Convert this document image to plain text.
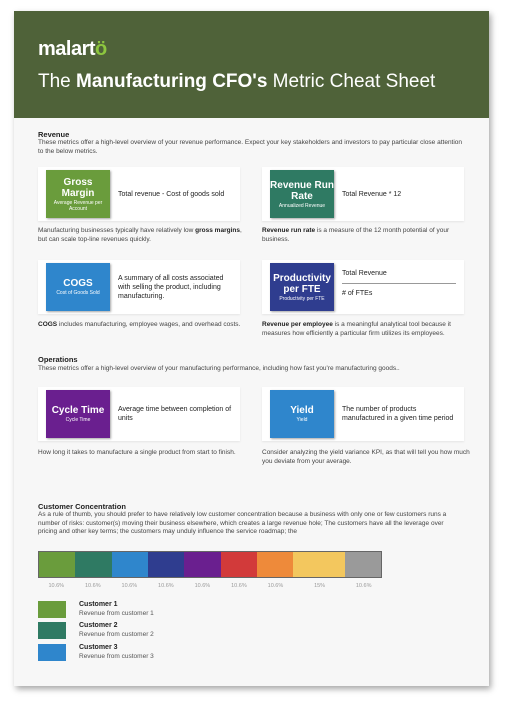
malartö
The Manufacturing CFO's Metric Cheat Sheet
Revenue
These metrics offer a high-level overview of your revenue performance. Expect your key stakeholders and investors to pay particular close attention to the below metrics.
Gross Margin
Average Revenue per Account
Total revenue - Cost of goods sold
Manufacturing businesses typically have relatively low gross margins, but can scale top-line revenues quickly.
Revenue Run Rate
Annualized Revenue
Total Revenue * 12
Revenue run rate is a measure of the 12 month potential of your business.
COGS
Cost of Goods Sold
A summary of all costs associated with selling the product, including manufacturing.
COGS includes manufacturing, employee wages, and overhead costs.
Productivity per FTE
Productivity per FTE
Total Revenue
# of FTEs
Revenue per employee is a meaningful analytical tool because it measures how efficiently a particular firm utilizes its employees.
Operations
These metrics offer a high-level overview of your manufacturing performance, including how fast you're manufacturing goods..
Cycle Time
Cycle Time
Average time between completion of units
How long it takes to manufacture a single product from start to finish.
Yield
Yield
The number of products manufactured in a given time period
Consider analyzing the yield variance KPI, as that will tell you how much you deviate from your average.
Customer Concentration
As a rule of thumb, you should prefer to have relatively low customer concentration because a business with only one or few customers runs a number of risks: customer(s) moving their business elsewhere, which creates a large revenue hole; The customers have all the leverage over pricing and other key terms; the customers may unduly influence the service roadmap; the
10.6%	10.6%	10.6%	10.6%	10.6%	10.6%	10.6%	15%	10.6%
Customer 1
Revenue from customer 1
Customer 2
Revenue from customer 2
Customer 3
Revenue from customer 3
